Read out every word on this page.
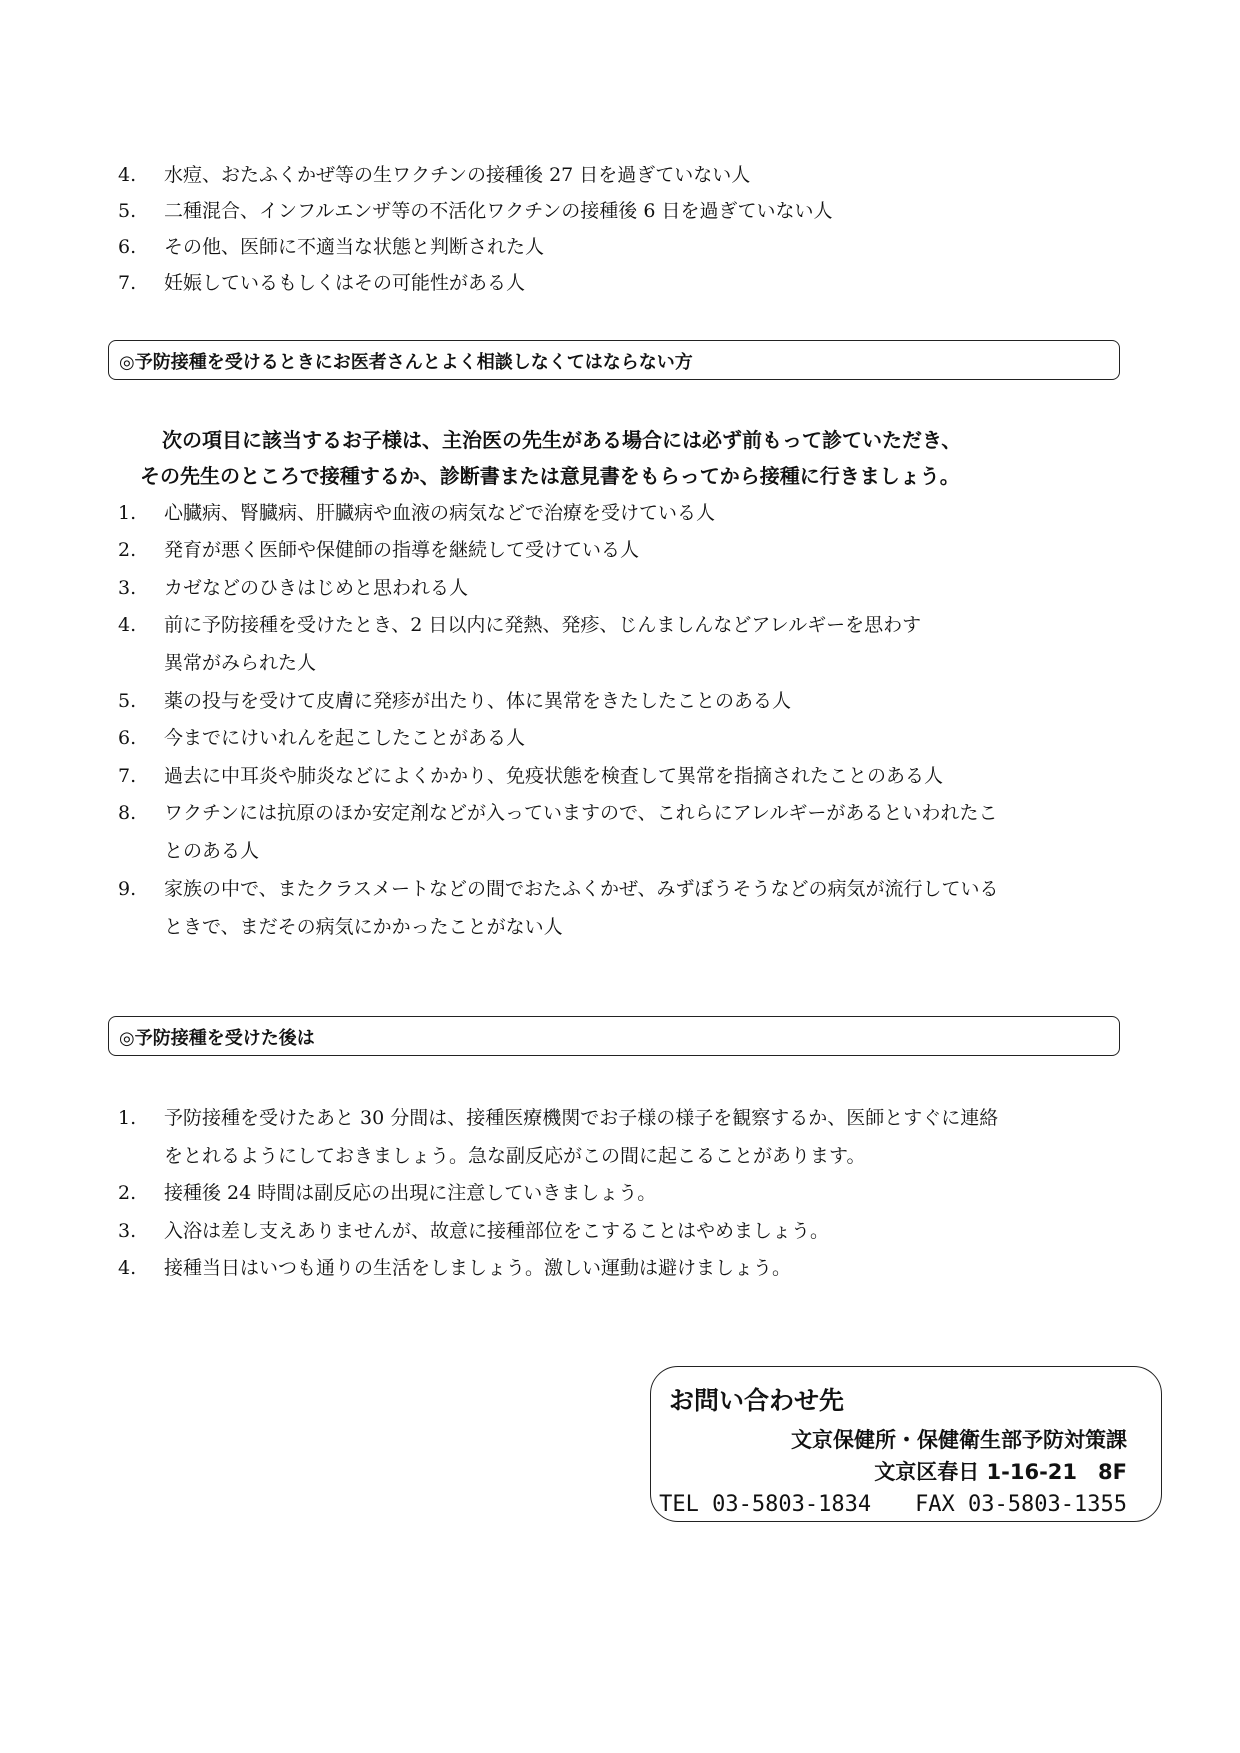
4.	水痘、おたふくかぜ等の生ワクチンの接種後 27 日を過ぎていない人
5.	二種混合、インフルエンザ等の不活化ワクチンの接種後 6 日を過ぎていない人
6.	その他、医師に不適当な状態と判断された人
7.	妊娠しているもしくはその可能性がある人
◎予防接種を受けるときにお医者さんとよく相談しなくてはならない方
次の項目に該当するお子様は、主治医の先生がある場合には必ず前もって診ていただき、
その先生のところで接種するか、診断書または意見書をもらってから接種に行きましょう。
1.	心臓病、腎臓病、肝臓病や血液の病気などで治療を受けている人
2.	発育が悪く医師や保健師の指導を継続して受けている人
3.	カゼなどのひきはじめと思われる人
4.	前に予防接種を受けたとき、2 日以内に発熱、発疹、じんましんなどアレルギーを思わす
異常がみられた人
5.	薬の投与を受けて皮膚に発疹が出たり、体に異常をきたしたことのある人
6.	今までにけいれんを起こしたことがある人
7.	過去に中耳炎や肺炎などによくかかり、免疫状態を検査して異常を指摘されたことのある人
8.	ワクチンには抗原のほか安定剤などが入っていますので、これらにアレルギーがあるといわれたこ
とのある人
9.	家族の中で、またクラスメートなどの間でおたふくかぜ、みずぼうそうなどの病気が流行している
ときで、まだその病気にかかったことがない人
◎予防接種を受けた後は
1.	予防接種を受けたあと 30 分間は、接種医療機関でお子様の様子を観察するか、医師とすぐに連絡
をとれるようにしておきましょう。急な副反応がこの間に起こることがあります。
2.	接種後 24 時間は副反応の出現に注意していきましょう。
3.	入浴は差し支えありませんが、故意に接種部位をこすることはやめましょう。
4.	接種当日はいつも通りの生活をしましょう。激しい運動は避けましょう。
お問い合わせ先
文京保健所・保健衛生部予防対策課
文京区春日 1-16-21　8F
TEL 03-5803-1834　　FAX 03-5803-1355
